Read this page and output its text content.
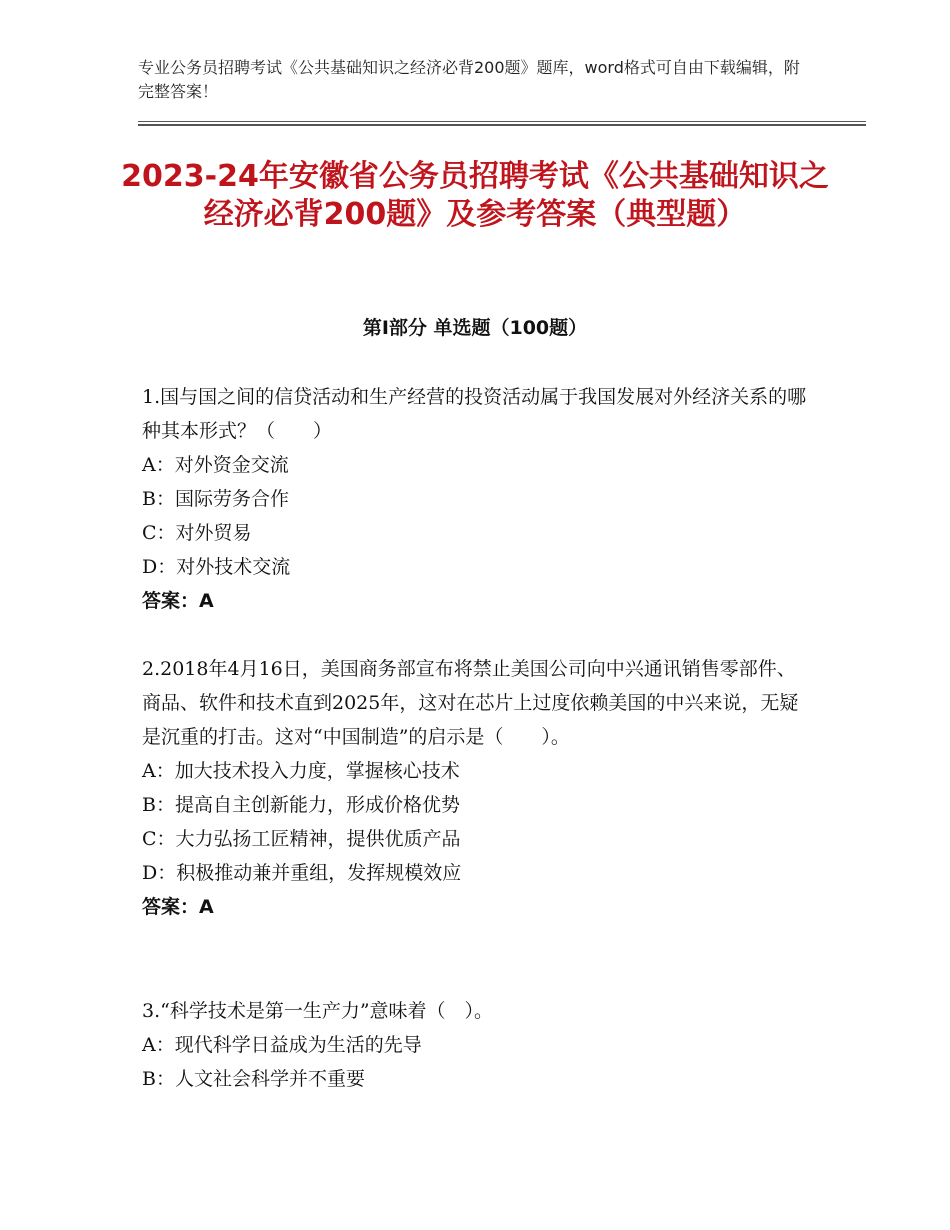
专业公务员招聘考试《公共基础知识之经济必背200题》题库，word格式可自由下载编辑，附完整答案！
2023-24年安徽省公务员招聘考试《公共基础知识之经济必背200题》及参考答案（典型题）
第Ⅰ部分 单选题（100题）

1.国与国之间的信贷活动和生产经营的投资活动属于我国发展对外经济关系的哪种其本形式？（　　）

A：对外资金交流

B：国际劳务合作

C：对外贸易

D：对外技术交流

答案：A

2.2018年4月16日，美国商务部宣布将禁止美国公司向中兴通讯销售零部件、商品、软件和技术直到2025年，这对在芯片上过度依赖美国的中兴来说，无疑是沉重的打击。这对“中国制造”的启示是（　　）。

A：加大技术投入力度，掌握核心技术

B：提高自主创新能力，形成价格优势

C：大力弘扬工匠精神，提供优质产品

D：积极推动兼并重组，发挥规模效应

答案：A

3.“科学技术是第一生产力”意味着（　）。

A：现代科学日益成为生活的先导

B：人文社会科学并不重要
